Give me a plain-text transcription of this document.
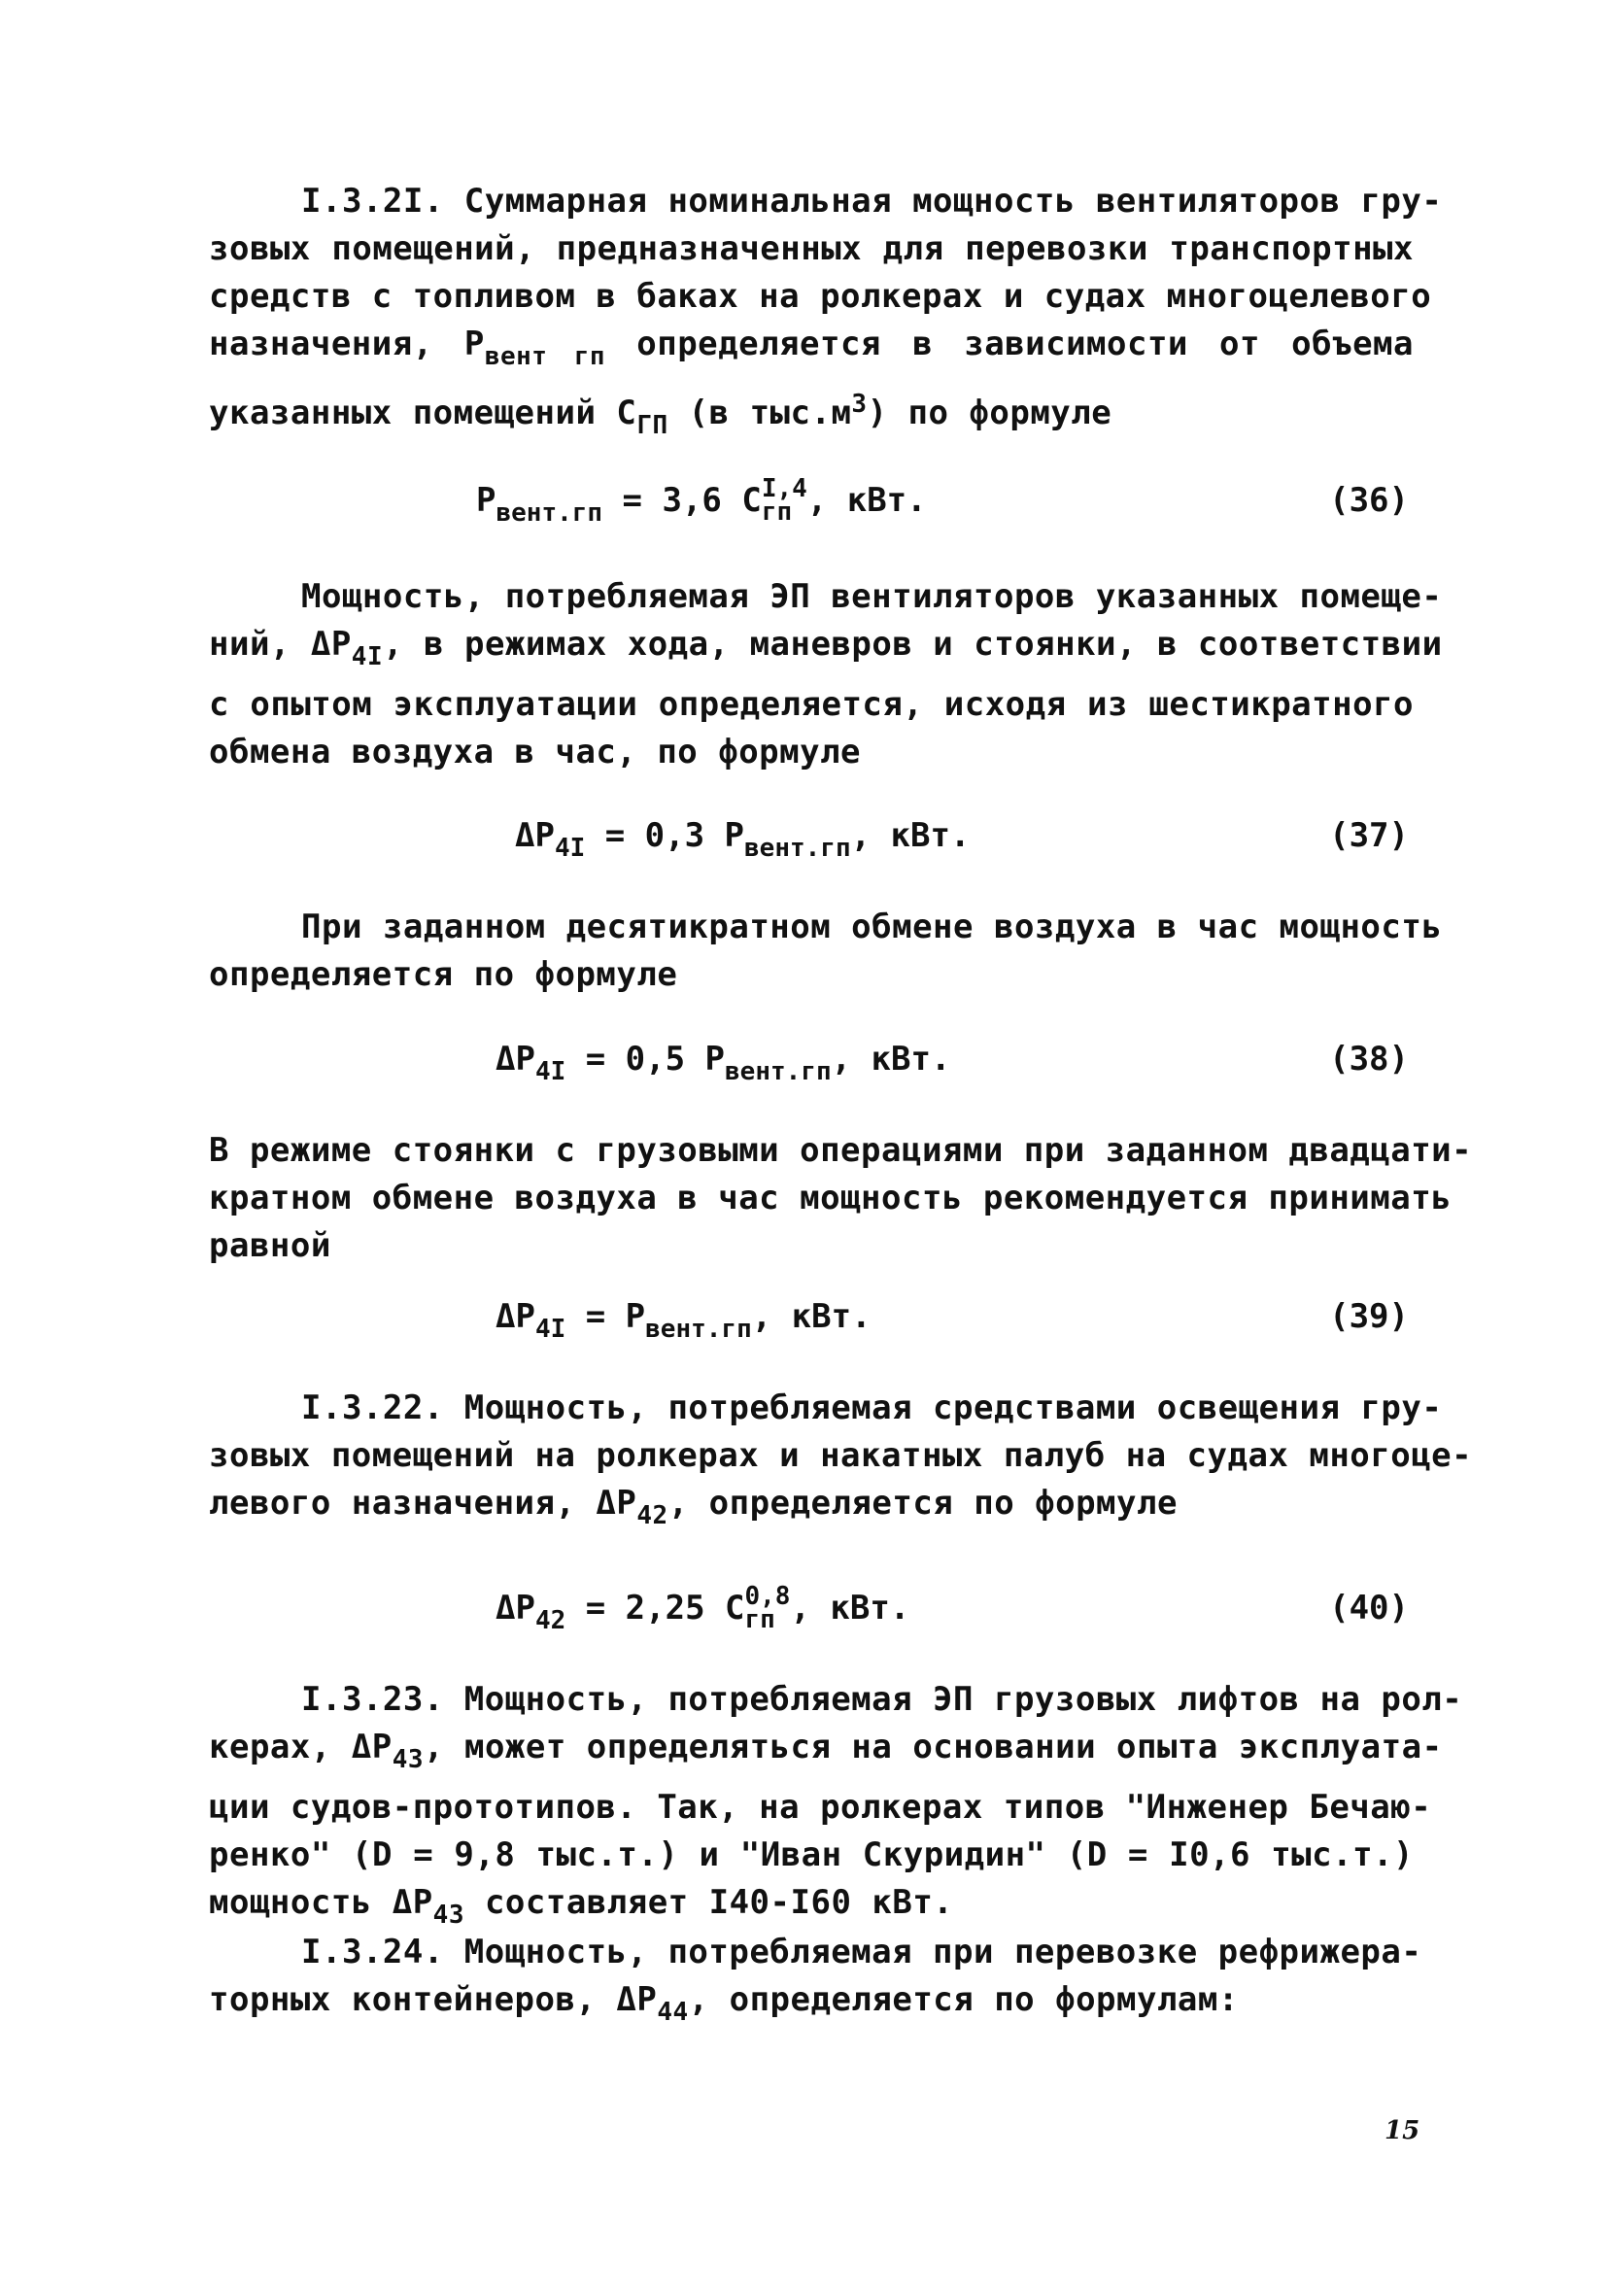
I.3.2I. Суммарная номинальная мощность вентиляторов гру-
зовых помещений, предназначенных для перевозки транспортных
средств с топливом в баках на ролкерах и судах многоцелевого
назначения, $P_{вент гп}$ определяется в зависимости от объема
указанных помещений $C_{ГП}$ (в $тыс.м^3$) по формуле
$P_{вент.гп} = 3,6$ C I,4
гп , кВт.	(36)
Мощность, потребляемая ЭП вентиляторов указанных помеще-
ний, $\Delta P_{4I}$, в режимах хода, маневров и стоянки, в соответствии
с опытом эксплуатации определяется, исходя из шестикратного
обмена воздуха в час, по формуле
$\Delta P_{4I} = 0,3$ $P_{вент.гп}$, кВт.	(37)
При заданном десятикратном обмене воздуха в час мощность
определяется по формуле
$\Delta P_{4I} = 0,5$ $P_{вент.гп}$, кВт.	(38)
В режиме стоянки с грузовыми операциями при заданном двадцати-
кратном обмене воздуха в час мощность рекомендуется принимать
равной
$\Delta P_{4I} = P_{вент.гп}$, кВт.	(39)
I.3.22. Мощность, потребляемая средствами освещения гру-
зовых помещений на ролкерах и накатных палуб на судах многоце-
левого назначения, $\Delta P_{42}$, определяется по формуле
$\Delta P_{42} = 2,25$ C 0,8
гп , кВт.	(40)
I.3.23. Мощность, потребляемая ЭП грузовых лифтов на рол-
керах, $\Delta P_{43}$, может определяться на основании опыта эксплуата-
ции судов-прототипов. Так, на ролкерах типов "Инженер Бечаю-
ренко" (D = 9,8 тыс.т.) и "Иван Скуридин" (D = I0,6 тыс.т.)
мощность $\Delta P_{43}$ составляет I40-I60 кВт.
I.3.24. Мощность, потребляемая при перевозке рефрижера-
торных контейнеров, $\Delta P_{44}$, определяется по формулам:
15
